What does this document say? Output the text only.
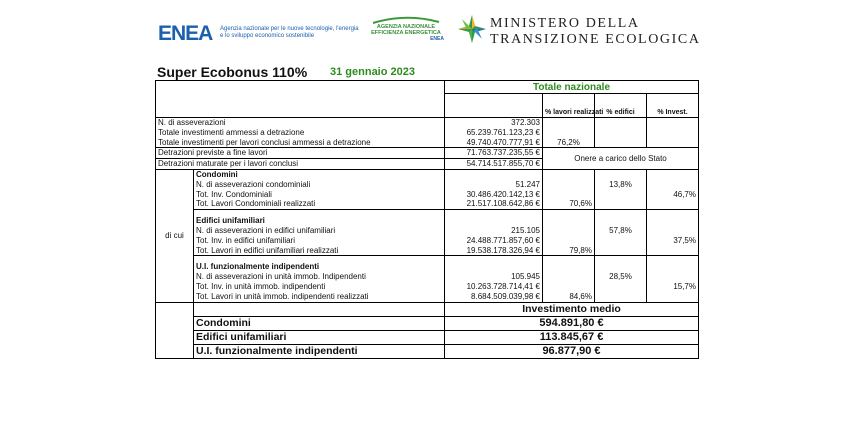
ENEA Agenzia nazionale per le nuove tecnologie, l'energia e lo sviluppo economico sostenibile
AGENZIA NAZIONALE
EFFICIENZA ENERGETICA
ENEA
MINISTERO DELLA
TRANSIZIONE ECOLOGICA
Super Ecobonus 110% 31 gennaio 2023
		Totale nazionale			
			% lavori realizzati	% edifici	% Invest.
N. di asseverazioni		372.303			
Totale investimenti ammessi a detrazione		65.239.761.123,23 €			
Totale investimenti per lavori conclusi ammessi a detrazione		49.740.470.777,91 €	76,2%		
Detrazioni previste a fine lavori		71.763.737.235,55 €	Onere a carico dello Stato		
Detrazioni maturate per i lavori conclusi		54.714.517.855,70 €			
di cui	Condomini				
	N. di asseverazioni condominiali	51.247		13,8%	
	Tot. Inv. Condominiali	30.486.420.142,13 €			46,7%
	Tot. Lavori Condominiali realizzati	21.517.108.642,86 €	70,6%		

	Edifici unifamiliari				
	N. di asseverazioni in edifici unifamiliari	215.105		57,8%	
	Tot. Inv. in edifici unifamiliari	24.488.771.857,60 €			37,5%
	Tot. Lavori in edifici unifamiliari realizzati	19.538.178.326,94 €	79,8%		

	U.I. funzionalmente indipendenti				
	N. di asseverazioni in unità immob. Indipendenti	105.945		28,5%	
	Tot. Inv. in unità immob. indipendenti	10.263.728.714,41 €			15,7%
	Tot. Lavori in unità immob. indipendenti realizzati	8.684.509.039,98 €	84,6%		
		Investimento medio			
	Condomini	594.891,80 €			
	Edifici unifamiliari	113.845,67 €			
	U.I. funzionalmente indipendenti	96.877,90 €			
